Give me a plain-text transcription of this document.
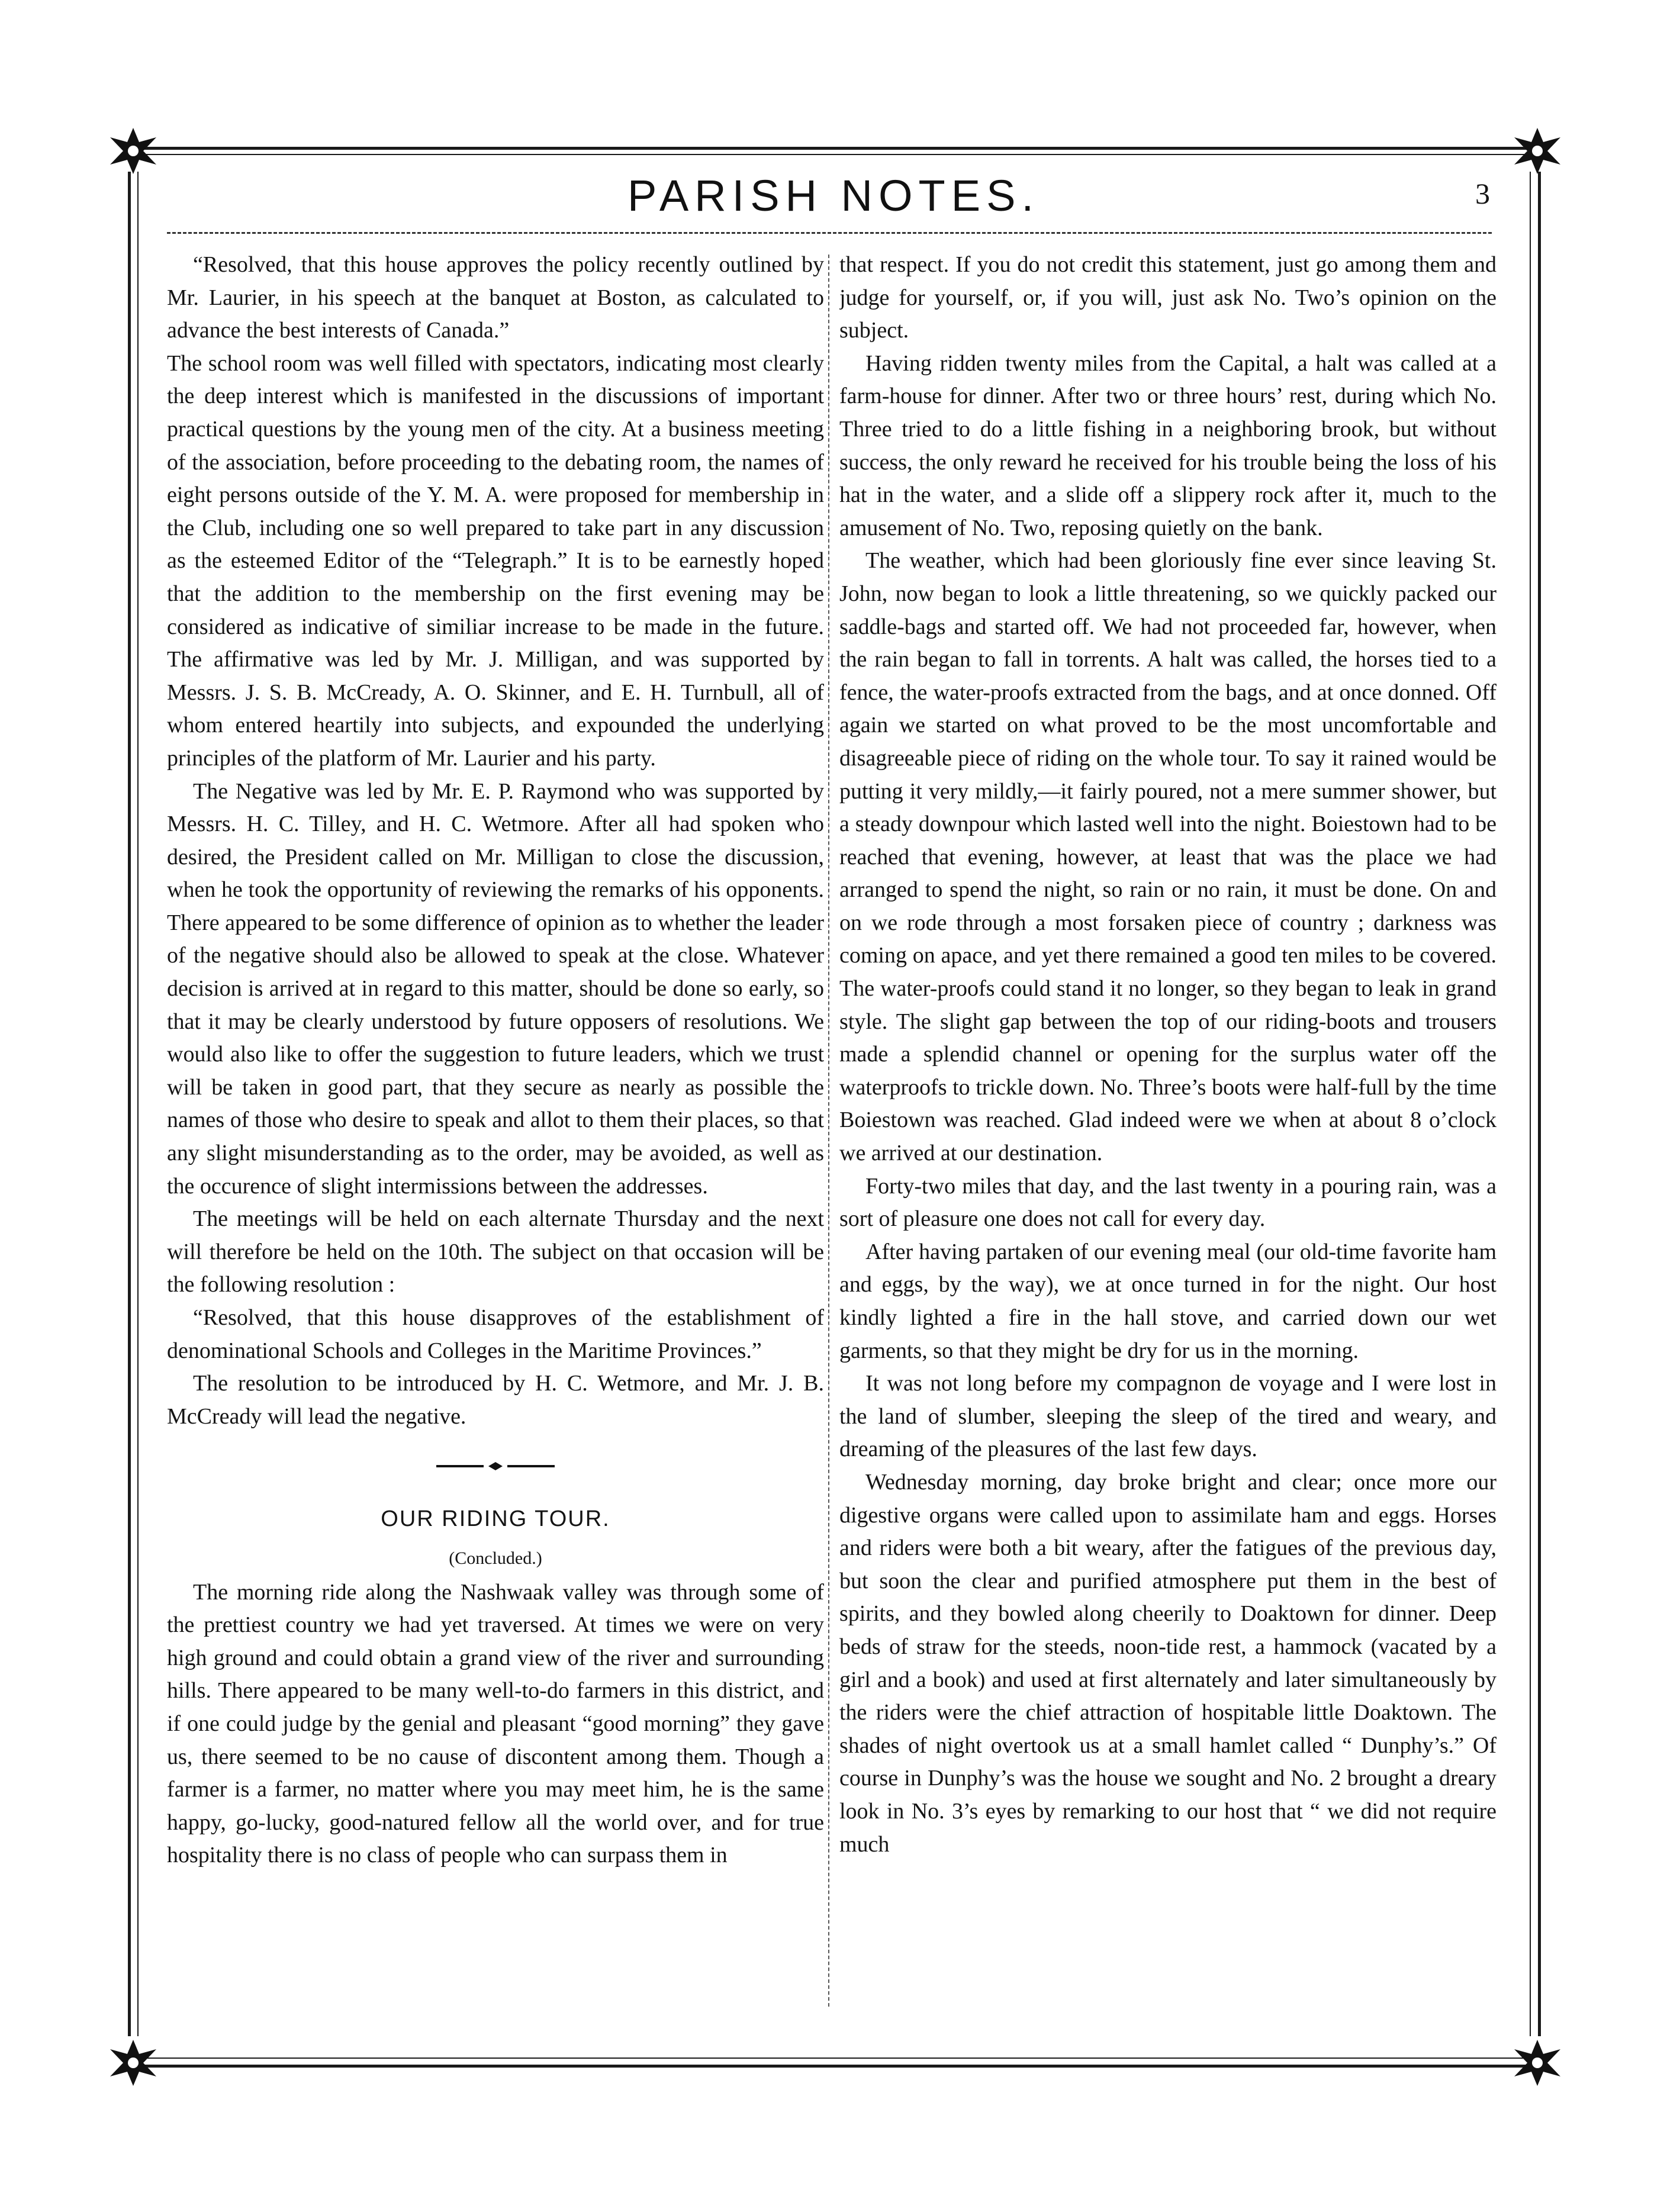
PARISH NOTES.	3

“Resolved, that this house approves the policy recently outlined by Mr. Laurier, in his speech at the banquet at Boston, as calculated to advance the best interests of Canada.”

The school room was well filled with spectators, indicating most clearly the deep interest which is manifested in the discussions of important practical questions by the young men of the city. At a business meeting of the association, before proceeding to the debating room, the names of eight persons outside of the Y. M. A. were proposed for membership in the Club, including one so well prepared to take part in any discussion as the esteemed Editor of the “Telegraph.” It is to be earnestly hoped that the addition to the membership on the first evening may be considered as indicative of similiar increase to be made in the future. The affirmative was led by Mr. J. Milligan, and was supported by Messrs. J. S. B. McCready, A. O. Skinner, and E. H. Turnbull, all of whom entered heartily into subjects, and expounded the underlying principles of the platform of Mr. Laurier and his party.

The Negative was led by Mr. E. P. Raymond who was supported by Messrs. H. C. Tilley, and H. C. Wetmore. After all had spoken who desired, the President called on Mr. Milligan to close the discussion, when he took the opportunity of reviewing the remarks of his opponents. There appeared to be some difference of opinion as to whether the leader of the negative should also be allowed to speak at the close. Whatever decision is arrived at in regard to this matter, should be done so early, so that it may be clearly understood by future opposers of resolutions. We would also like to offer the suggestion to future leaders, which we trust will be taken in good part, that they secure as nearly as possible the names of those who desire to speak and allot to them their places, so that any slight misunderstanding as to the order, may be avoided, as well as the occurence of slight intermissions between the addresses.

The meetings will be held on each alternate Thursday and the next will therefore be held on the 10th. The subject on that occasion will be the following resolution :

“Resolved, that this house disapproves of the establishment of denominational Schools and Colleges in the Maritime Provinces.”

The resolution to be introduced by H. C. Wetmore, and Mr. J. B. McCready will lead the negative.

OUR RIDING TOUR.
(Concluded.)

The morning ride along the Nashwaak valley was through some of the prettiest country we had yet traversed. At times we were on very high ground and could obtain a grand view of the river and surrounding hills. There appeared to be many well-to-do farmers in this district, and if one could judge by the genial and pleasant “good morning” they gave us, there seemed to be no cause of discontent among them. Though a farmer is a farmer, no matter where you may meet him, he is the same happy, go-lucky, good-natured fellow all the world over, and for true hospitality there is no class of people who can surpass them in

that respect. If you do not credit this statement, just go among them and judge for yourself, or, if you will, just ask No. Two’s opinion on the subject.

Having ridden twenty miles from the Capital, a halt was called at a farm-house for dinner. After two or three hours’ rest, during which No. Three tried to do a little fishing in a neighboring brook, but without success, the only reward he received for his trouble being the loss of his hat in the water, and a slide off a slippery rock after it, much to the amusement of No. Two, reposing quietly on the bank.

The weather, which had been gloriously fine ever since leaving St. John, now began to look a little threatening, so we quickly packed our saddle-bags and started off. We had not proceeded far, however, when the rain began to fall in torrents. A halt was called, the horses tied to a fence, the water-proofs extracted from the bags, and at once donned. Off again we started on what proved to be the most uncomfortable and disagreeable piece of riding on the whole tour. To say it rained would be putting it very mildly,—it fairly poured, not a mere summer shower, but a steady downpour which lasted well into the night. Boiestown had to be reached that evening, however, at least that was the place we had arranged to spend the night, so rain or no rain, it must be done. On and on we rode through a most forsaken piece of country ; darkness was coming on apace, and yet there remained a good ten miles to be covered. The water-proofs could stand it no longer, so they began to leak in grand style. The slight gap between the top of our riding-boots and trousers made a splendid channel or opening for the surplus water off the waterproofs to trickle down. No. Three’s boots were half-full by the time Boiestown was reached. Glad indeed were we when at about 8 o’clock we arrived at our destination.

Forty-two miles that day, and the last twenty in a pouring rain, was a sort of pleasure one does not call for every day.

After having partaken of our evening meal (our old-time favorite ham and eggs, by the way), we at once turned in for the night. Our host kindly lighted a fire in the hall stove, and carried down our wet garments, so that they might be dry for us in the morning.

It was not long before my compagnon de voyage and I were lost in the land of slumber, sleeping the sleep of the tired and weary, and dreaming of the pleasures of the last few days.

Wednesday morning, day broke bright and clear; once more our digestive organs were called upon to assimilate ham and eggs. Horses and riders were both a bit weary, after the fatigues of the previous day, but soon the clear and purified atmosphere put them in the best of spirits, and they bowled along cheerily to Doaktown for dinner. Deep beds of straw for the steeds, noon-tide rest, a hammock (vacated by a girl and a book) and used at first alternately and later simultaneously by the riders were the chief attraction of hospitable little Doaktown. The shades of night overtook us at a small hamlet called “ Dunphy’s.” Of course in Dunphy’s was the house we sought and No. 2 brought a dreary look in No. 3’s eyes by remarking to our host that “ we did not require much
